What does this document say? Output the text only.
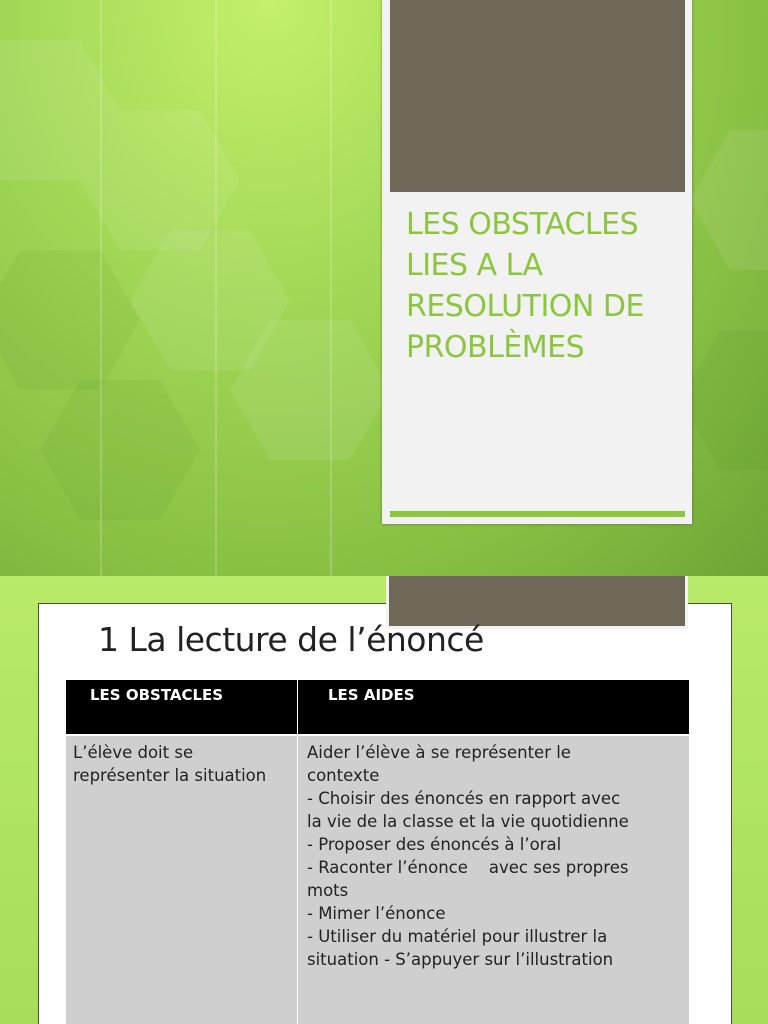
LES OBSTACLES
LIES A LA
RESOLUTION DE
PROBLÈMES
1 La lecture de l’énoncé
LES OBSTACLES	LES AIDES
L’élève doit se
représenter la situation
Aider l’élève à se représenter le
contexte
- Choisir des énoncés en rapport avec
la vie de la classe et la vie quotidienne
- Proposer des énoncés à l’oral
- Raconter l’énonce    avec ses propres
mots
- Mimer l’énonce
- Utiliser du matériel pour illustrer la
situation - S’appuyer sur l’illustration
